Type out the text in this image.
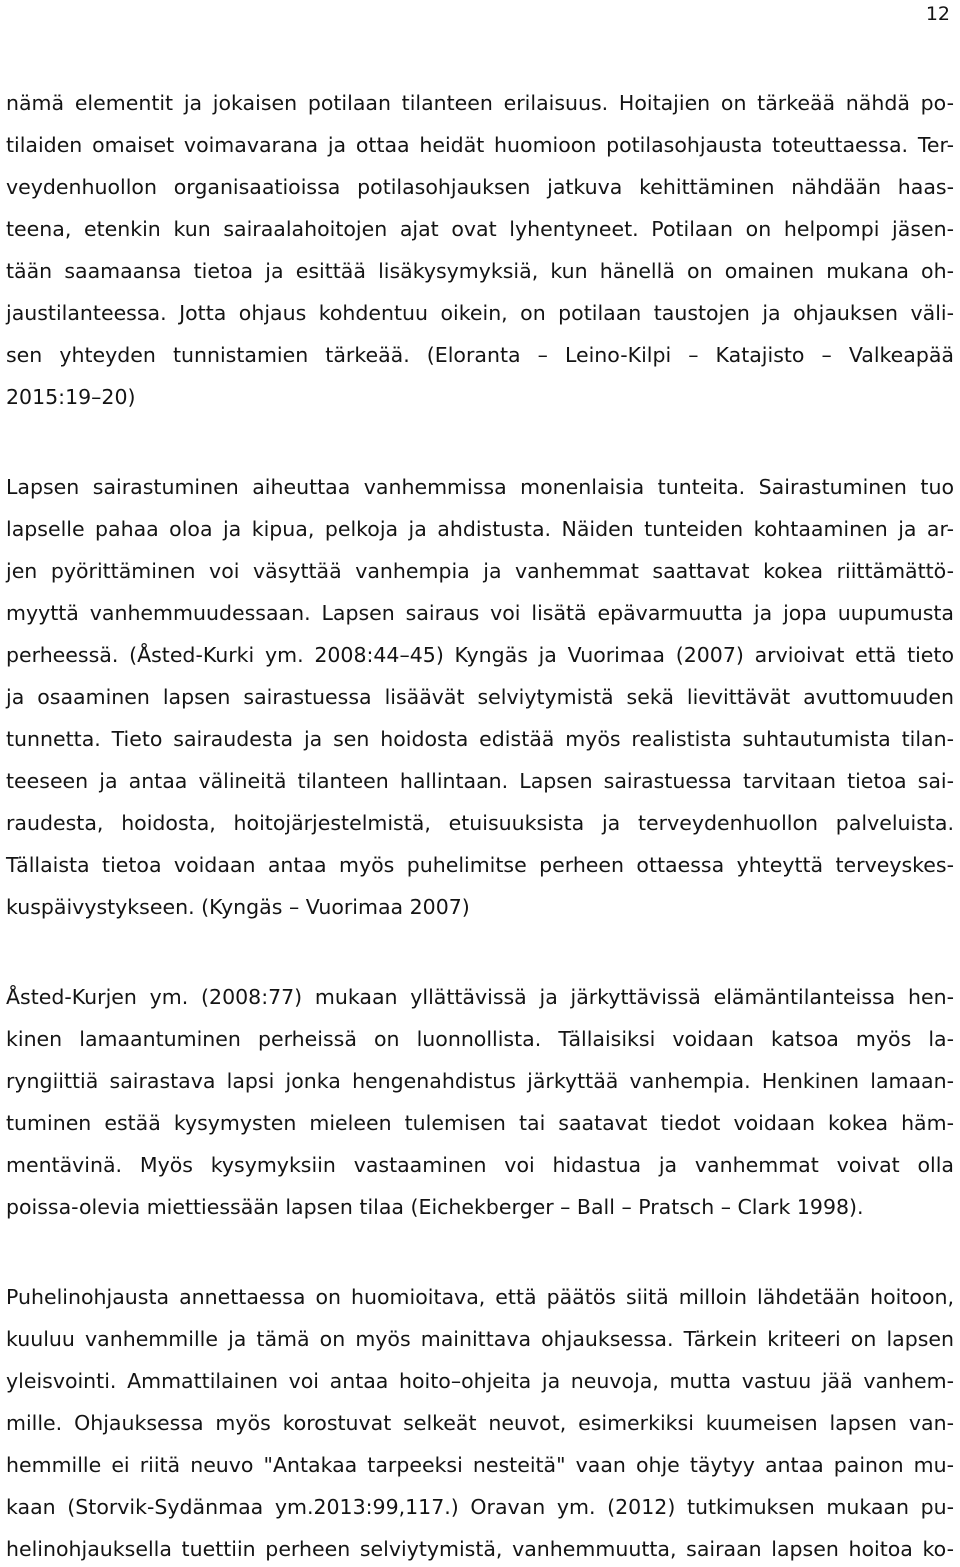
12
nämä elementit ja jokaisen potilaan tilanteen erilaisuus. Hoitajien on tärkeää nähdä po-
tilaiden omaiset voimavarana ja ottaa heidät huomioon potilasohjausta toteuttaessa. Ter-
veydenhuollon organisaatioissa potilasohjauksen jatkuva kehittäminen nähdään haas-
teena, etenkin kun sairaalahoitojen ajat ovat lyhentyneet. Potilaan on helpompi jäsen-
tään saamaansa tietoa ja esittää lisäkysymyksiä, kun hänellä on omainen mukana oh-
jaustilanteessa. Jotta ohjaus kohdentuu oikein, on potilaan taustojen ja ohjauksen väli-
sen yhteyden tunnistamien tärkeää. (Eloranta – Leino-Kilpi – Katajisto – Valkeapää
2015:19–20)
Lapsen sairastuminen aiheuttaa vanhemmissa monenlaisia tunteita. Sairastuminen tuo
lapselle pahaa oloa ja kipua, pelkoja ja ahdistusta. Näiden tunteiden kohtaaminen ja ar-
jen pyörittäminen voi väsyttää vanhempia ja vanhemmat saattavat kokea riittämättö-
myyttä vanhemmuudessaan. Lapsen sairaus voi lisätä epävarmuutta ja jopa uupumusta
perheessä. (Åsted-Kurki ym. 2008:44–45) Kyngäs ja Vuorimaa (2007) arvioivat että tieto
ja osaaminen lapsen sairastuessa lisäävät selviytymistä sekä lievittävät avuttomuuden
tunnetta. Tieto sairaudesta ja sen hoidosta edistää myös realistista suhtautumista tilan-
teeseen ja antaa välineitä tilanteen hallintaan. Lapsen sairastuessa tarvitaan tietoa sai-
raudesta, hoidosta, hoitojärjestelmistä, etuisuuksista ja terveydenhuollon palveluista.
Tällaista tietoa voidaan antaa myös puhelimitse perheen ottaessa yhteyttä terveyskes-
kuspäivystykseen. (Kyngäs – Vuorimaa 2007)
Åsted-Kurjen ym. (2008:77) mukaan yllättävissä ja järkyttävissä elämäntilanteissa hen-
kinen lamaantuminen perheissä on luonnollista. Tällaisiksi voidaan katsoa myös la-
ryngiittiä sairastava lapsi jonka hengenahdistus järkyttää vanhempia. Henkinen lamaan-
tuminen estää kysymysten mieleen tulemisen tai saatavat tiedot voidaan kokea häm-
mentävinä. Myös kysymyksiin vastaaminen voi hidastua ja vanhemmat voivat olla
poissa-olevia miettiessään lapsen tilaa (Eichekberger – Ball – Pratsch – Clark 1998).
Puhelinohjausta annettaessa on huomioitava, että päätös siitä milloin lähdetään hoitoon,
kuuluu vanhemmille ja tämä on myös mainittava ohjauksessa. Tärkein kriteeri on lapsen
yleisvointi. Ammattilainen voi antaa hoito–ohjeita ja neuvoja, mutta vastuu jää vanhem-
mille. Ohjauksessa myös korostuvat selkeät neuvot, esimerkiksi kuumeisen lapsen van-
hemmille ei riitä neuvo "Antakaa tarpeeksi nesteitä" vaan ohje täytyy antaa painon mu-
kaan (Storvik-Sydänmaa ym.2013:99,117.) Oravan ym. (2012) tutkimuksen mukaan pu-
helinohjauksella tuettiin perheen selviytymistä, vanhemmuutta, sairaan lapsen hoitoa ko-
